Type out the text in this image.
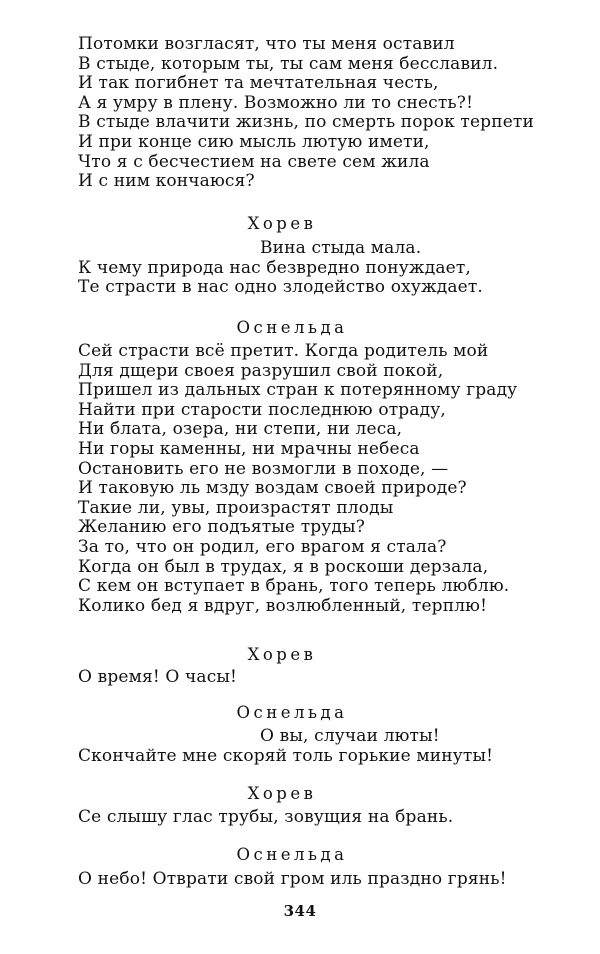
Потомки возгласят, что ты меня оставил
В стыде, которым ты, ты сам меня бесславил.
И так погибнет та мечтательная честь,
А я умру в плену. Возможно ли то снесть?!
В стыде влачити жизнь, по смерть порок терпети
И при конце сию мысль лютую имети,
Что я с бесчестием на свете сем жила
И с ним кончаюся?
Хорев
Вина стыда мала.
К чему природа нас безвредно понуждает,
Те страсти в нас одно злодейство охуждает.
Оснельда
Сей страсти всё претит. Когда родитель мой
Для дщери своея разрушил свой покой,
Пришел из дальных стран к потерянному граду
Найти при старости последнюю отраду,
Ни блата, озера, ни степи, ни леса,
Ни горы каменны, ни мрачны небеса
Остановить его не возмогли в походе, —
И таковую ль мзду воздам своей природе?
Такие ли, увы, произрастят плоды
Желанию его подъятые труды?
За то, что он родил, его врагом я стала?
Когда он был в трудах, я в роскоши дерзала,
С кем он вступает в брань, того теперь люблю.
Колико бед я вдруг, возлюбленный, терплю!
Хорев
О время! О часы!
Оснельда
О вы, случаи люты!
Скончайте мне скоряй толь горькие минуты!
Хорев
Се слышу глас трубы, зовущия на брань.
Оснельда
О небо! Отврати свой гром иль праздно грянь!
344
